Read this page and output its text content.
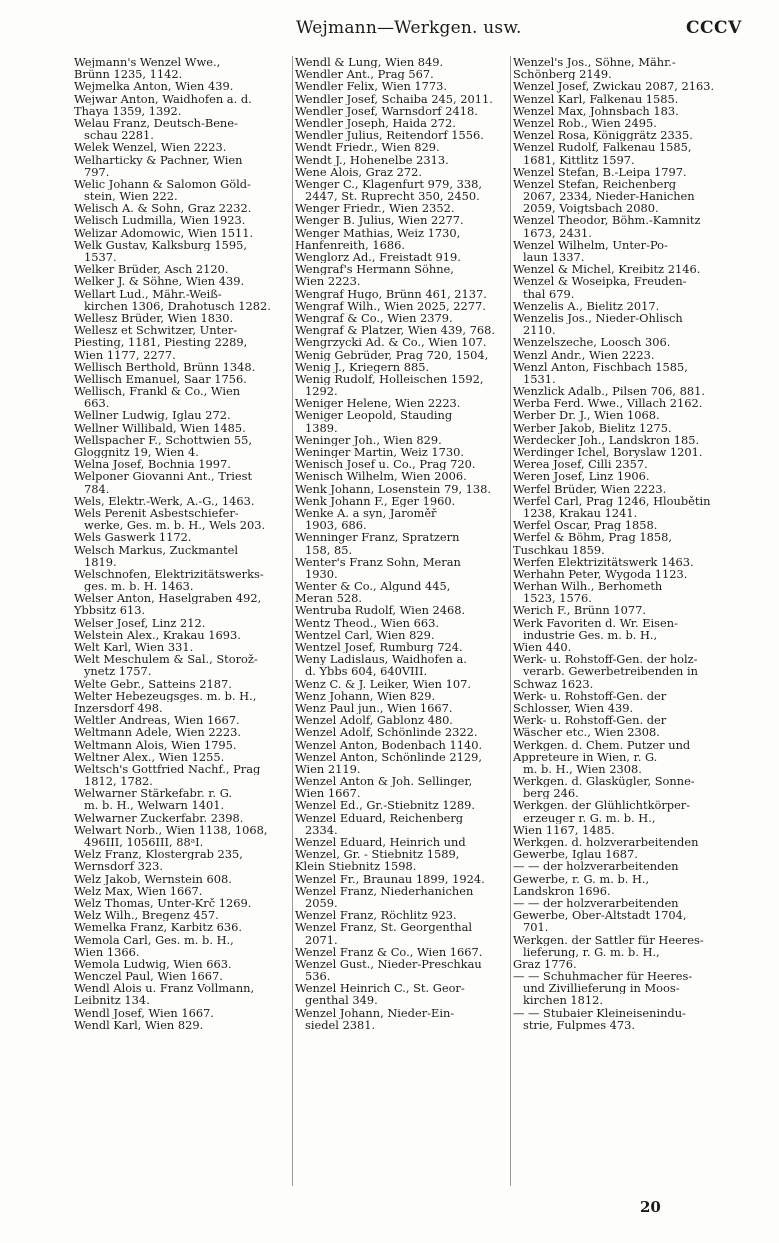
Wejmann—Werkgen. usw.	CCCV
Wejmann's Wenzel Wwe.,
Brünn 1235, 1142.
Wejmelka Anton, Wien 439.
Wejwar Anton, Waidhofen a. d.
Thaya 1359, 1392.
Welau Franz, Deutsch-Bene-
schau 2281.
Welek Wenzel, Wien 2223.
Welharticky & Pachner, Wien
797.
Welic Johann & Salomon Göld-
stein, Wien 222.
Welisch A. & Sohn, Graz 2232.
Welisch Ludmilla, Wien 1923.
Welizar Adomowic, Wien 1511.
Welk Gustav, Kalksburg 1595,
1537.
Welker Brüder, Asch 2120.
Welker J. & Söhne, Wien 439.
Wellart Lud., Mähr.-Weiß-
kirchen 1306, Drahotusch 1282.
Wellesz Brüder, Wien 1830.
Wellesz et Schwitzer, Unter-
Piesting, 1181, Piesting 2289,
Wien 1177, 2277.
Wellisch Berthold, Brünn 1348.
Wellisch Emanuel, Saar 1756.
Wellisch, Frankl & Co., Wien
663.
Wellner Ludwig, Iglau 272.
Wellner Willibald, Wien 1485.
Wellspacher F., Schottwien 55,
Gloggnitz 19, Wien 4.
Welna Josef, Bochnia 1997.
Welponer Giovanni Ant., Triest
784.
Wels, Elektr.-Werk, A.-G., 1463.
Wels Perenit Asbestschiefer-
werke, Ges. m. b. H., Wels 203.
Wels Gaswerk 1172.
Welsch Markus, Zuckmantel
1819.
Welschnofen, Elektrizitätswerks-
ges. m. b. H. 1463.
Welser Anton, Haselgraben 492,
Ybbsitz 613.
Welser Josef, Linz 212.
Welstein Alex., Krakau 1693.
Welt Karl, Wien 331.
Welt Meschulem & Sal., Storož-
ynetz 1757.
Welte Gebr., Satteins 2187.
Welter Hebezeugsges. m. b. H.,
Inzersdorf 498.
Weltler Andreas, Wien 1667.
Weltmann Adele, Wien 2223.
Weltmann Alois, Wien 1795.
Weltner Alex., Wien 1255.
Weltsch's Gottfried Nachf., Prag
1812, 1782.
Welwarner Stärkefabr. r. G.
m. b. H., Welwarn 1401.
Welwarner Zuckerfabr. 2398.
Welwart Norb., Wien 1138, 1068,
496III, 1056III, 88ᵃI.
Welz Franz, Klostergrab 235,
Wernsdorf 323.
Welz Jakob, Wernstein 608.
Welz Max, Wien 1667.
Welz Thomas, Unter-Krč 1269.
Welz Wilh., Bregenz 457.
Wemelka Franz, Karbitz 636.
Wemola Carl, Ges. m. b. H.,
Wien 1366.
Wemola Ludwig, Wien 663.
Wenczel Paul, Wien 1667.
Wendl Alois u. Franz Vollmann,
Leibnitz 134.
Wendl Josef, Wien 1667.
Wendl Karl, Wien 829.
Wendl & Lung, Wien 849.
Wendler Ant., Prag 567.
Wendler Felix, Wien 1773.
Wendler Josef, Schaiba 245, 2011.
Wendler Josef, Warnsdorf 2418.
Wendler Joseph, Haida 272.
Wendler Julius, Reitendorf 1556.
Wendt Friedr., Wien 829.
Wendt J., Hohenelbe 2313.
Wene Alois, Graz 272.
Wenger C., Klagenfurt 979, 338,
2447, St. Ruprecht 350, 2450.
Wenger Friedr., Wien 2352.
Wenger B. Julius, Wien 2277.
Wenger Mathias, Weiz 1730,
Hanfenreith, 1686.
Wenglorz Ad., Freistadt 919.
Wengraf's Hermann Söhne,
Wien 2223.
Wengraf Hugo, Brünn 461, 2137.
Wengraf Wilh., Wien 2025, 2277.
Wengraf & Co., Wien 2379.
Wengraf & Platzer, Wien 439, 768.
Wengrzycki Ad. & Co., Wien 107.
Wenig Gebrüder, Prag 720, 1504,
Wenig J., Kriegern 885.
Wenig Rudolf, Holleischen 1592,
1292.
Weniger Helene, Wien 2223.
Weniger Leopold, Stauding
1389.
Weninger Joh., Wien 829.
Weninger Martin, Weiz 1730.
Wenisch Josef u. Co., Prag 720.
Wenisch Wilhelm, Wien 2006.
Wenk Johann, Losenstein 79, 138.
Wenk Johann F., Eger 1960.
Wenke A. a syn, Jaroměř
1903, 686.
Wenninger Franz, Spratzern
158, 85.
Wenter's Franz Sohn, Meran
1930.
Wenter & Co., Algund 445,
Meran 528.
Wentruba Rudolf, Wien 2468.
Wentz Theod., Wien 663.
Wentzel Carl, Wien 829.
Wentzel Josef, Rumburg 724.
Weny Ladislaus, Waidhofen a.
d. Ybbs 604, 640VIII.
Wenz C. & J. Leiker, Wien 107.
Wenz Johann, Wien 829.
Wenz Paul jun., Wien 1667.
Wenzel Adolf, Gablonz 480.
Wenzel Adolf, Schönlinde 2322.
Wenzel Anton, Bodenbach 1140.
Wenzel Anton, Schönlinde 2129,
Wien 2119.
Wenzel Anton & Joh. Sellinger,
Wien 1667.
Wenzel Ed., Gr.-Stiebnitz 1289.
Wenzel Eduard, Reichenberg
2334.
Wenzel Eduard, Heinrich und
Wenzel, Gr. - Stiebnitz 1589,
Klein Stiebnitz 1598.
Wenzel Fr., Braunau 1899, 1924.
Wenzel Franz, Niederhanichen
2059.
Wenzel Franz, Röchlitz 923.
Wenzel Franz, St. Georgenthal
2071.
Wenzel Franz & Co., Wien 1667.
Wenzel Gust., Nieder-Preschkau
536.
Wenzel Heinrich C., St. Geor-
genthal 349.
Wenzel Johann, Nieder-Ein-
siedel 2381.
Wenzel's Jos., Söhne, Mähr.-
Schönberg 2149.
Wenzel Josef, Zwickau 2087, 2163.
Wenzel Karl, Falkenau 1585.
Wenzel Max, Johnsbach 183.
Wenzel Rob., Wien 2495.
Wenzel Rosa, Königgrätz 2335.
Wenzel Rudolf, Falkenau 1585,
1681, Kittlitz 1597.
Wenzel Stefan, B.-Leipa 1797.
Wenzel Stefan, Reichenberg
2067, 2334, Nieder-Hanichen
2059, Voigtsbach 2080.
Wenzel Theodor, Böhm.-Kamnitz
1673, 2431.
Wenzel Wilhelm, Unter-Po-
laun 1337.
Wenzel & Michel, Kreibitz 2146.
Wenzel & Woseipka, Freuden-
thal 679.
Wenzelis A., Bielitz 2017.
Wenzelis Jos., Nieder-Ohlisch
2110.
Wenzelszeche, Loosch 306.
Wenzl Andr., Wien 2223.
Wenzl Anton, Fischbach 1585,
1531.
Wenzlick Adalb., Pilsen 706, 881.
Werba Ferd. Wwe., Villach 2162.
Werber Dr. J., Wien 1068.
Werber Jakob, Bielitz 1275.
Werdecker Joh., Landskron 185.
Werdinger Ichel, Boryslaw 1201.
Werea Josef, Cilli 2357.
Weren Josef, Linz 1906.
Werfel Brüder, Wien 2223.
Werfel Carl, Prag 1246, Hloubětin
1238, Krakau 1241.
Werfel Oscar, Prag 1858.
Werfel & Böhm, Prag 1858,
Tuschkau 1859.
Werfen Elektrizitätswerk 1463.
Werhahn Peter, Wygoda 1123.
Werhan Wilh., Berhometh
1523, 1576.
Werich F., Brünn 1077.
Werk Favoriten d. Wr. Eisen-
industrie Ges. m. b. H.,
Wien 440.
Werk- u. Rohstoff-Gen. der holz-
verarb. Gewerbetreibenden in
Schwaz 1623.
Werk- u. Rohstoff-Gen. der
Schlosser, Wien 439.
Werk- u. Rohstoff-Gen. der
Wäscher etc., Wien 2308.
Werkgen. d. Chem. Putzer und
Appreteure in Wien, r. G.
m. b. H., Wien 2308.
Werkgen. d. Glaskügler, Sonne-
berg 246.
Werkgen. der Glühlichtkörper-
erzeuger r. G. m. b. H.,
Wien 1167, 1485.
Werkgen. d. holzverarbeitenden
Gewerbe, Iglau 1687.
— — der holzverarbeitenden
Gewerbe, r. G. m. b. H.,
Landskron 1696.
— — der holzverarbeitenden
Gewerbe, Ober-Altstadt 1704,
701.
Werkgen. der Sattler für Heeres-
lieferung, r. G. m. b. H.,
Graz 1776.
— — Schuhmacher für Heeres-
und Zivillieferung in Moos-
kirchen 1812.
— — Stubaier Kleineisenindu-
strie, Fulpmes 473.
20
